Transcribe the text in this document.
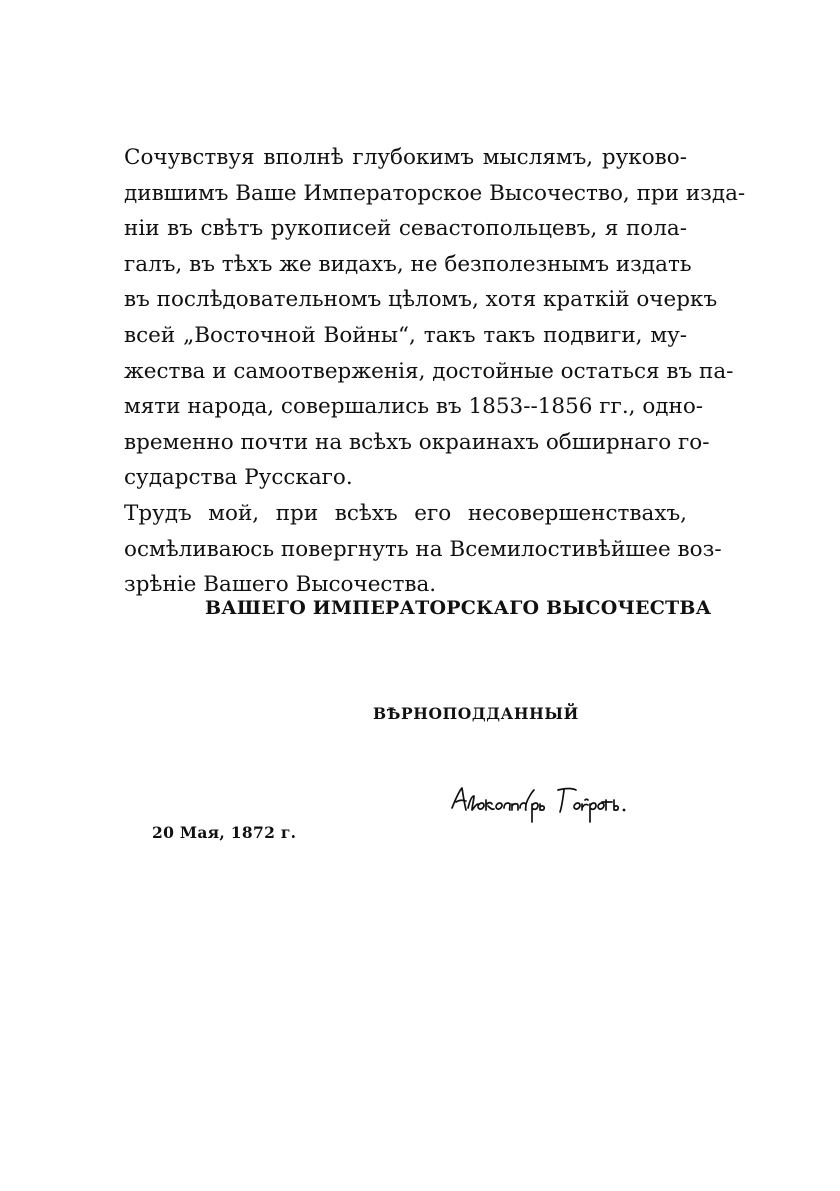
Сочувствуя вполнѣ глубокимъ мыслямъ, руково-
дившимъ Ваше Императорское Высочество, при изда-
нiи въ свѣтъ рукописей севастопольцевъ, я пола-
галъ, въ тѣхъ же видахъ, не безполезнымъ издать
въ послѣдовательномъ цѣломъ, хотя краткiй очеркъ
всей „Восточной Войны“, такъ такъ подвиги, му-
жества и самоотверженiя, достойные остаться въ па-
мяти народа, совершались въ 1853--1856 гг., одно-
временно почти на всѣхъ окраинахъ обширнаго го-
сударства Русскаго.

Трудъ мой, при всѣхъ его несовершенствахъ,
осмѣливаюсь повергнуть на Всемилостивѣйшее воз-
зрѣнiе Вашего Высочества.

ВАШЕГО ИМПЕРАТОРСКАГО ВЫСОЧЕСТВА
ВѢРНОПОДДАННЫЙ
20 Мая, 1872 г.
